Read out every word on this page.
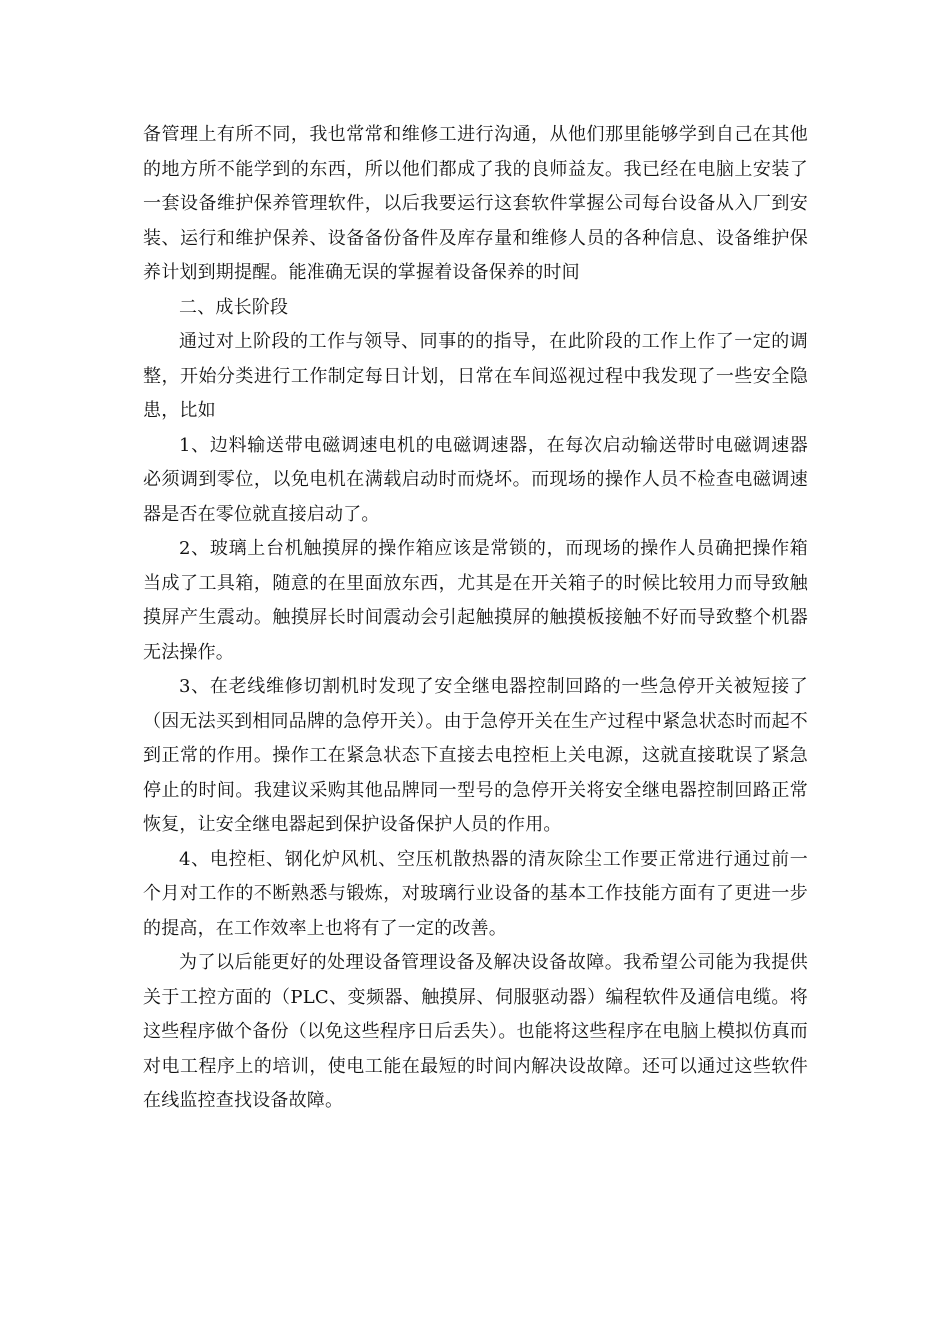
备管理上有所不同，我也常常和维修工进行沟通，从他们那里能够学到自己在其他的地方所不能学到的东西，所以他们都成了我的良师益友。我已经在电脑上安装了一套设备维护保养管理软件，以后我要运行这套软件掌握公司每台设备从入厂到安装、运行和维护保养、设备备份备件及库存量和维修人员的各种信息、设备维护保养计划到期提醒。能准确无误的掌握着设备保养的时间

二、成长阶段

通过对上阶段的工作与领导、同事的的指导，在此阶段的工作上作了一定的调整，开始分类进行工作制定每日计划，日常在车间巡视过程中我发现了一些安全隐患，比如

1、边料输送带电磁调速电机的电磁调速器，在每次启动输送带时电磁调速器必须调到零位，以免电机在满载启动时而烧坏。而现场的操作人员不检查电磁调速器是否在零位就直接启动了。

2、玻璃上台机触摸屏的操作箱应该是常锁的，而现场的操作人员确把操作箱当成了工具箱，随意的在里面放东西，尤其是在开关箱子的时候比较用力而导致触摸屏产生震动。触摸屏长时间震动会引起触摸屏的触摸板接触不好而导致整个机器无法操作。

3、在老线维修切割机时发现了安全继电器控制回路的一些急停开关被短接了（因无法买到相同品牌的急停开关）。由于急停开关在生产过程中紧急状态时而起不到正常的作用。操作工在紧急状态下直接去电控柜上关电源，这就直接耽误了紧急停止的时间。我建议采购其他品牌同一型号的急停开关将安全继电器控制回路正常恢复，让安全继电器起到保护设备保护人员的作用。

4、电控柜、钢化炉风机、空压机散热器的清灰除尘工作要正常进行通过前一个月对工作的不断熟悉与锻炼，对玻璃行业设备的基本工作技能方面有了更进一步的提高，在工作效率上也将有了一定的改善。

为了以后能更好的处理设备管理设备及解决设备故障。我希望公司能为我提供关于工控方面的（PLC、变频器、触摸屏、伺服驱动器）编程软件及通信电缆。将这些程序做个备份（以免这些程序日后丢失）。也能将这些程序在电脑上模拟仿真而对电工程序上的培训，使电工能在最短的时间内解决设故障。还可以通过这些软件在线监控查找设备故障。
